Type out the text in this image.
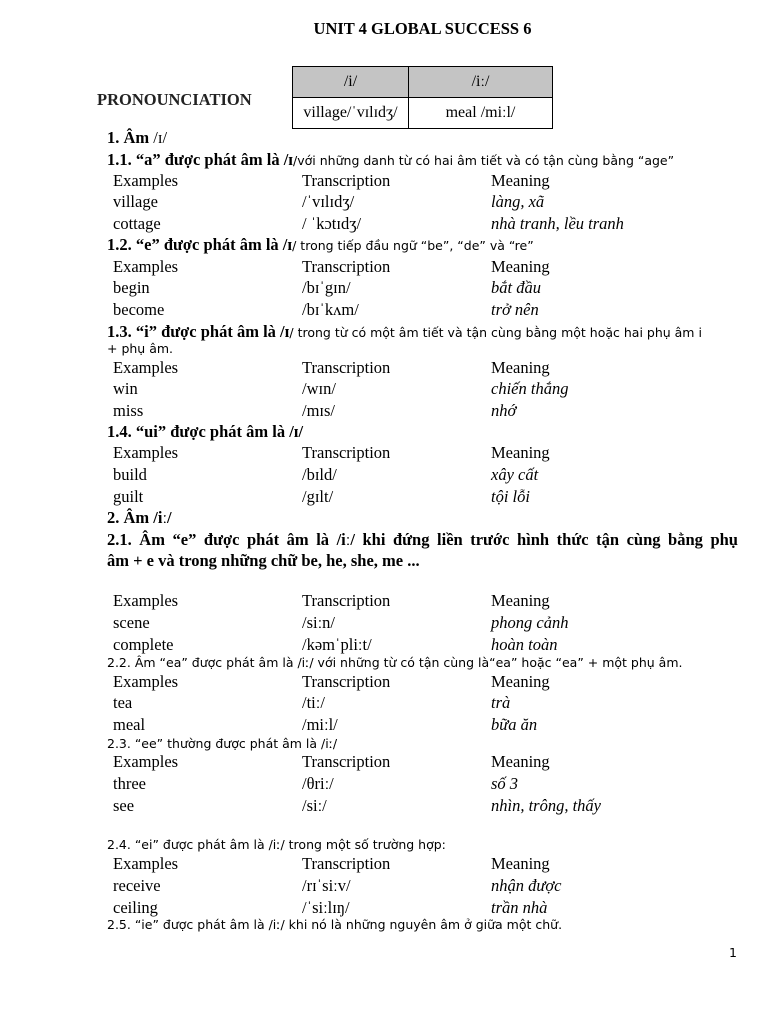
UNIT 4 GLOBAL SUCCESS 6
PRONOUNCIATION
/i/	/iː/
village/ˈvɪlɪdʒ/	meal /miːl/
1. Âm /ɪ/
1.1. “a” được phát âm là /ɪ/với những danh từ có hai âm tiết và có tận cùng bằng “age”
Examples	Transcription	Meaning
village	/ˈvɪlɪdʒ/	làng, xã
cottage	/ ˈkɔtɪdʒ/	nhà tranh, lều tranh
1.2. “e” được phát âm là /ɪ/ trong tiếp đầu ngữ “be”, “de” và “re”
Examples	Transcription	Meaning
begin	/bɪˈgɪn/	bắt đầu
become	/bɪˈkʌm/	trở nên
1.3. “i” được phát âm là /ɪ/ trong từ có một âm tiết và tận cùng bằng một hoặc hai phụ âm i
+ phụ âm.
Examples	Transcription	Meaning
win	/wɪn/	chiến thắng
miss	/mɪs/	nhớ
1.4. “ui” được phát âm là /ɪ/
Examples	Transcription	Meaning
build	/bɪld/	xây cất
guilt	/gɪlt/	tội lỗi
2. Âm /iː/
2.1. Âm “e” được phát âm là /iː/ khi đứng liền trước hình thức tận cùng bằng phụ
âm + e và trong những chữ be, he, she, me ...
Examples	Transcription	Meaning
scene	/siːn/	phong cảnh
complete	/kəmˈpliːt/	hoàn toàn
2.2. Âm “ea” được phát âm là /iː/ với những từ có tận cùng là“ea” hoặc “ea” + một phụ âm.
Examples	Transcription	Meaning
tea	/tiː/	trà
meal	/miːl/	bữa ăn
2.3. “ee” thường được phát âm là /iː/
Examples	Transcription	Meaning
three	/θriː/	số 3
see	/siː/	nhìn, trông, thấy
2.4. “ei” được phát âm là /iː/ trong một số trường hợp:
Examples	Transcription	Meaning
receive	/rɪˈsiːv/	nhận được
ceiling	/ˈsiːlɪŋ/	trần nhà
2.5. “ie” được phát âm là /iː/ khi nó là những nguyên âm ở giữa một chữ.
1
